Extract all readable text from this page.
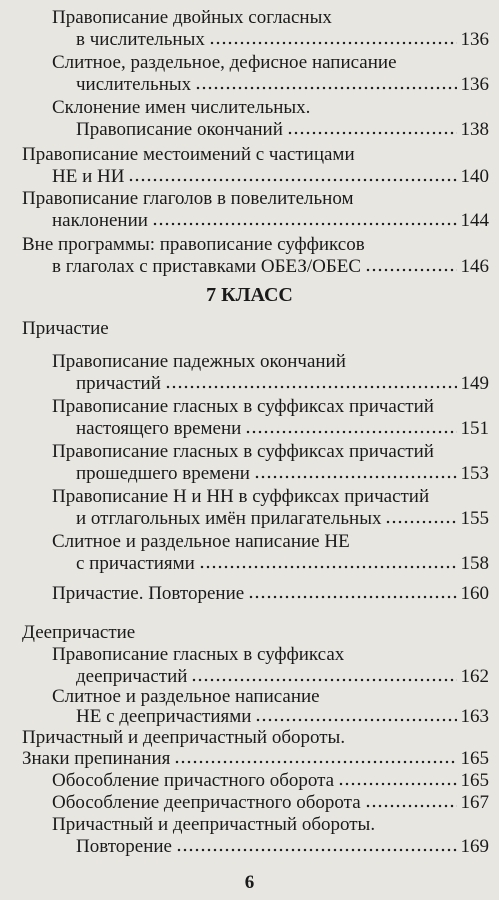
Правописание двойных согласных
в числительных	136
Слитное, раздельное, дефисное написание
числительных	136
Склонение имен числительных.
Правописание окончаний	138
Правописание местоимений с частицами
НЕ и НИ	140
Правописание глаголов в повелительном
наклонении	144
Вне программы: правописание суффиксов
в глаголах с приставками ОБЕЗ/ОБЕС	146
7 КЛАСС
Причастие
Правописание падежных окончаний
причастий	149
Правописание гласных в суффиксах причастий
настоящего времени	151
Правописание гласных в суффиксах причастий
прошедшего времени	153
Правописание Н и НН в суффиксах причастий
и отглагольных имён прилагательных	155
Слитное и раздельное написание НЕ
с причастиями	158
Причастие. Повторение	160
Деепричастие
Правописание гласных в суффиксах
деепричастий	162
Слитное и раздельное написание
НЕ с деепричастиями	163
Причастный и деепричастный обороты.
Знаки препинания	165
Обособление причастного оборота	165
Обособление деепричастного оборота	167
Причастный и деепричастный обороты.
Повторение	169
6
